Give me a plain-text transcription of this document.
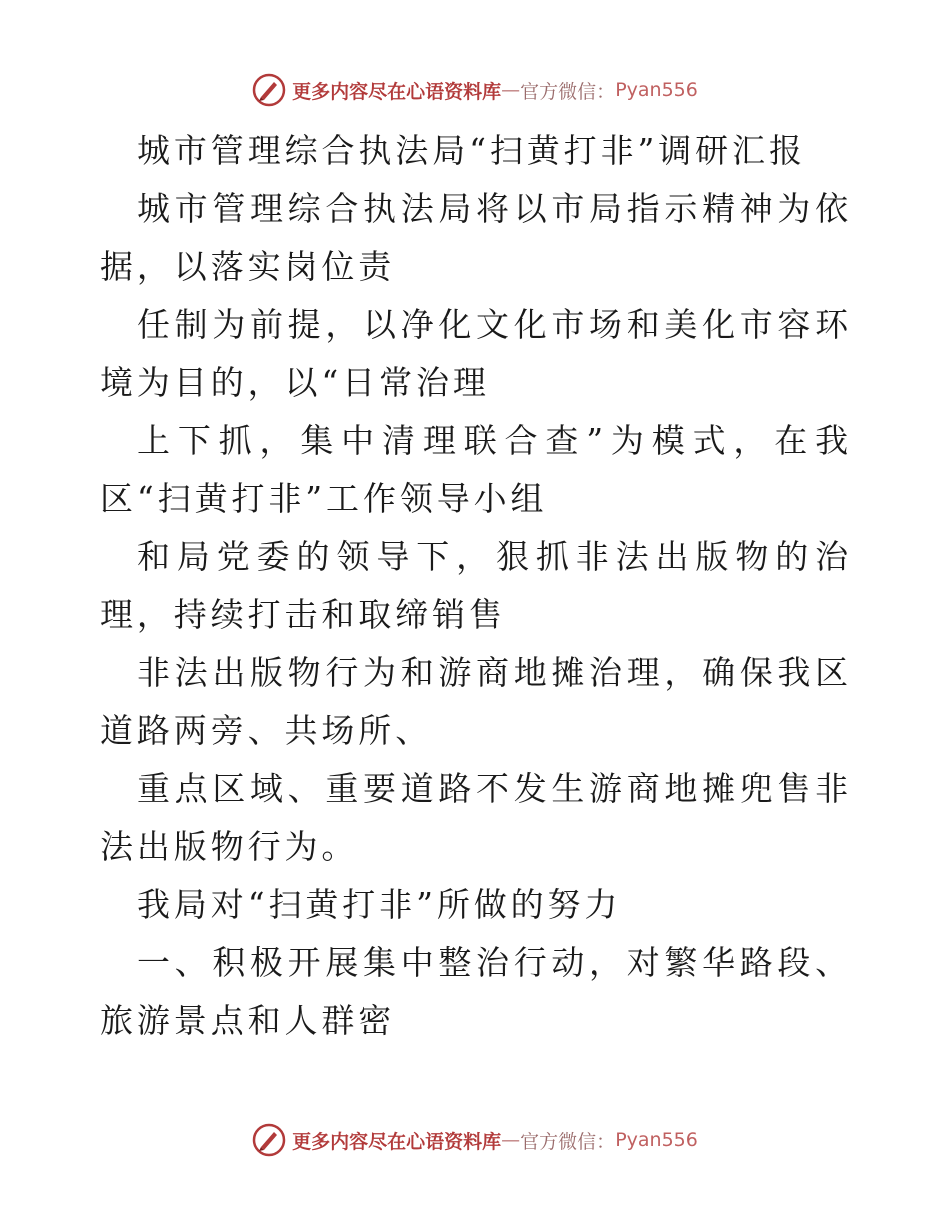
更多内容尽在心语资料库 — 官方微信： Pyan556

城市管理综合执法局“扫黄打非”调研汇报

城市管理综合执法局将以市局指示精神为依据，以落实岗位责

任制为前提，以净化文化市场和美化市容环境为目的，以“日常治理

上下抓，集中清理联合查”为模式，在我区“扫黄打非”工作领导小组

和局党委的领导下，狠抓非法出版物的治理，持续打击和取缔销售

非法出版物行为和游商地摊治理，确保我区道路两旁、共场所、

重点区域、重要道路不发生游商地摊兜售非法出版物行为。

我局对“扫黄打非”所做的努力

一、积极开展集中整治行动，对繁华路段、旅游景点和人群密

更多内容尽在心语资料库 — 官方微信： Pyan556
